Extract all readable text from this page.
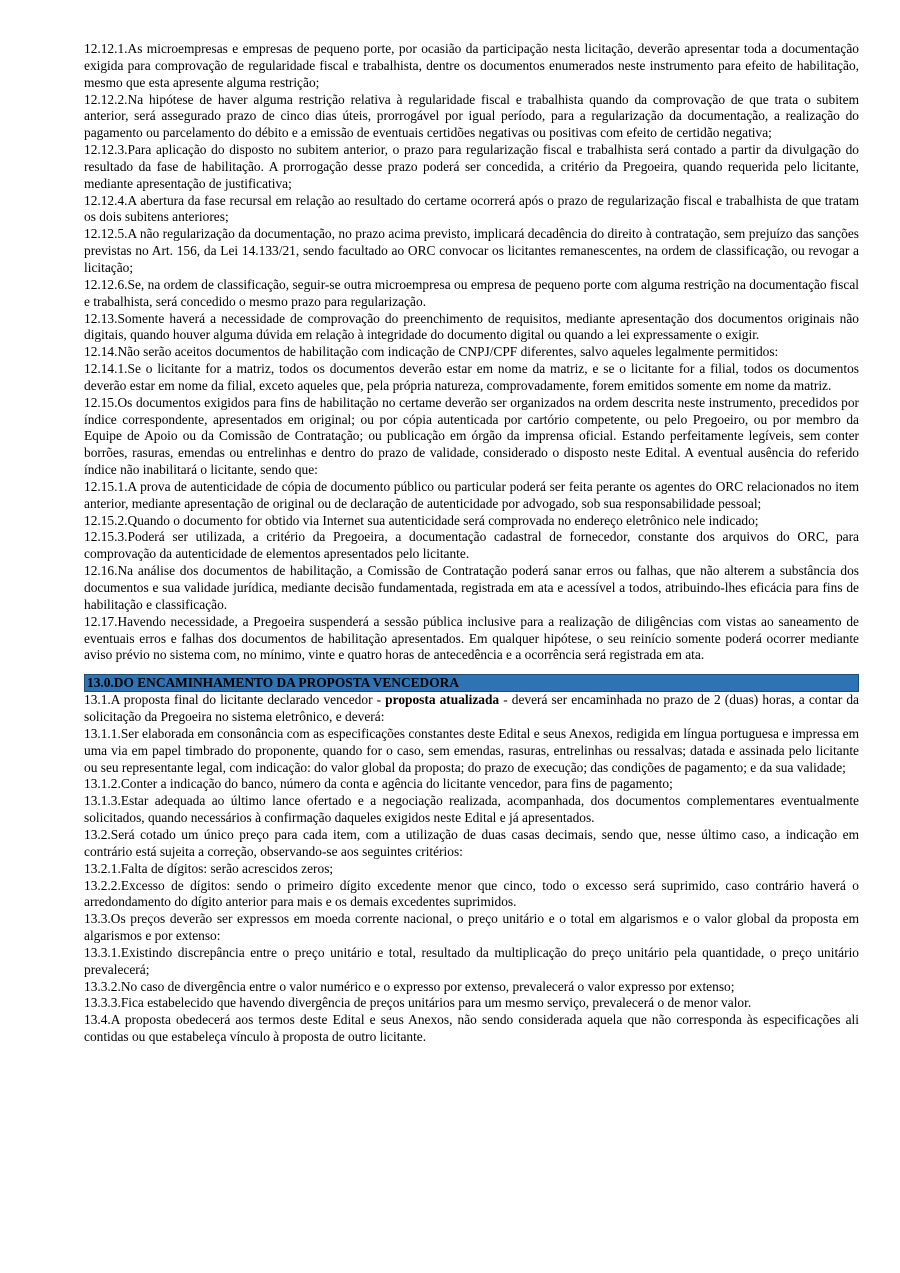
12.12.1.As microempresas e empresas de pequeno porte, por ocasião da participação nesta licitação, deverão apresentar toda a documentação exigida para comprovação de regularidade fiscal e trabalhista, dentre os documentos enumerados neste instrumento para efeito de habilitação, mesmo que esta apresente alguma restrição;

12.12.2.Na hipótese de haver alguma restrição relativa à regularidade fiscal e trabalhista quando da comprovação de que trata o subitem anterior, será assegurado prazo de cinco dias úteis, prorrogável por igual período, para a regularização da documentação, a realização do pagamento ou parcelamento do débito e a emissão de eventuais certidões negativas ou positivas com efeito de certidão negativa;

12.12.3.Para aplicação do disposto no subitem anterior, o prazo para regularização fiscal e trabalhista será contado a partir da divulgação do resultado da fase de habilitação. A prorrogação desse prazo poderá ser concedida, a critério da Pregoeira, quando requerida pelo licitante, mediante apresentação de justificativa;

12.12.4.A abertura da fase recursal em relação ao resultado do certame ocorrerá após o prazo de regularização fiscal e trabalhista de que tratam os dois subitens anteriores;

12.12.5.A não regularização da documentação, no prazo acima previsto, implicará decadência do direito à contratação, sem prejuízo das sanções previstas no Art. 156, da Lei 14.133/21, sendo facultado ao ORC convocar os licitantes remanescentes, na ordem de classificação, ou revogar a licitação;

12.12.6.Se, na ordem de classificação, seguir-se outra microempresa ou empresa de pequeno porte com alguma restrição na documentação fiscal e trabalhista, será concedido o mesmo prazo para regularização.

12.13.Somente haverá a necessidade de comprovação do preenchimento de requisitos, mediante apresentação dos documentos originais não digitais, quando houver alguma dúvida em relação à integridade do documento digital ou quando a lei expressamente o exigir.

12.14.Não serão aceitos documentos de habilitação com indicação de CNPJ/CPF diferentes, salvo aqueles legalmente permitidos:

12.14.1.Se o licitante for a matriz, todos os documentos deverão estar em nome da matriz, e se o licitante for a filial, todos os documentos deverão estar em nome da filial, exceto aqueles que, pela própria natureza, comprovadamente, forem emitidos somente em nome da matriz.

12.15.Os documentos exigidos para fins de habilitação no certame deverão ser organizados na ordem descrita neste instrumento, precedidos por índice correspondente, apresentados em original; ou por cópia autenticada por cartório competente, ou pelo Pregoeiro, ou por membro da Equipe de Apoio ou da Comissão de Contratação; ou publicação em órgão da imprensa oficial. Estando perfeitamente legíveis, sem conter borrões, rasuras, emendas ou entrelinhas e dentro do prazo de validade, considerado o disposto neste Edital. A eventual ausência do referido índice não inabilitará o licitante, sendo que:

12.15.1.A prova de autenticidade de cópia de documento público ou particular poderá ser feita perante os agentes do ORC relacionados no item anterior, mediante apresentação de original ou de declaração de autenticidade por advogado, sob sua responsabilidade pessoal;

12.15.2.Quando o documento for obtido via Internet sua autenticidade será comprovada no endereço eletrônico nele indicado;

12.15.3.Poderá ser utilizada, a critério da Pregoeira, a documentação cadastral de fornecedor, constante dos arquivos do ORC, para comprovação da autenticidade de elementos apresentados pelo licitante.

12.16.Na análise dos documentos de habilitação, a Comissão de Contratação poderá sanar erros ou falhas, que não alterem a substância dos documentos e sua validade jurídica, mediante decisão fundamentada, registrada em ata e acessível a todos, atribuindo-lhes eficácia para fins de habilitação e classificação.

12.17.Havendo necessidade, a Pregoeira suspenderá a sessão pública inclusive para a realização de diligências com vistas ao saneamento de eventuais erros e falhas dos documentos de habilitação apresentados. Em qualquer hipótese, o seu reinício somente poderá ocorrer mediante aviso prévio no sistema com, no mínimo, vinte e quatro horas de antecedência e a ocorrência será registrada em ata.

13.0.DO ENCAMINHAMENTO DA PROPOSTA VENCEDORA

13.1.A proposta final do licitante declarado vencedor - proposta atualizada - deverá ser encaminhada no prazo de 2 (duas) horas, a contar da solicitação da Pregoeira no sistema eletrônico, e deverá:

13.1.1.Ser elaborada em consonância com as especificações constantes deste Edital e seus Anexos, redigida em língua portuguesa e impressa em uma via em papel timbrado do proponente, quando for o caso, sem emendas, rasuras, entrelinhas ou ressalvas; datada e assinada pelo licitante ou seu representante legal, com indicação: do valor global da proposta; do prazo de execução; das condições de pagamento; e da sua validade;

13.1.2.Conter a indicação do banco, número da conta e agência do licitante vencedor, para fins de pagamento;

13.1.3.Estar adequada ao último lance ofertado e a negociação realizada, acompanhada, dos documentos complementares eventualmente solicitados, quando necessários à confirmação daqueles exigidos neste Edital e já apresentados.

13.2.Será cotado um único preço para cada item, com a utilização de duas casas decimais, sendo que, nesse último caso, a indicação em contrário está sujeita a correção, observando-se aos seguintes critérios:

13.2.1.Falta de dígitos: serão acrescidos zeros;

13.2.2.Excesso de dígitos: sendo o primeiro dígito excedente menor que cinco, todo o excesso será suprimido, caso contrário haverá o arredondamento do dígito anterior para mais e os demais excedentes suprimidos.

13.3.Os preços deverão ser expressos em moeda corrente nacional, o preço unitário e o total em algarismos e o valor global da proposta em algarismos e por extenso:

13.3.1.Existindo discrepância entre o preço unitário e total, resultado da multiplicação do preço unitário pela quantidade, o preço unitário prevalecerá;

13.3.2.No caso de divergência entre o valor numérico e o expresso por extenso, prevalecerá o valor expresso por extenso;

13.3.3.Fica estabelecido que havendo divergência de preços unitários para um mesmo serviço, prevalecerá o de menor valor.

13.4.A proposta obedecerá aos termos deste Edital e seus Anexos, não sendo considerada aquela que não corresponda às especificações ali contidas ou que estabeleça vínculo à proposta de outro licitante.
